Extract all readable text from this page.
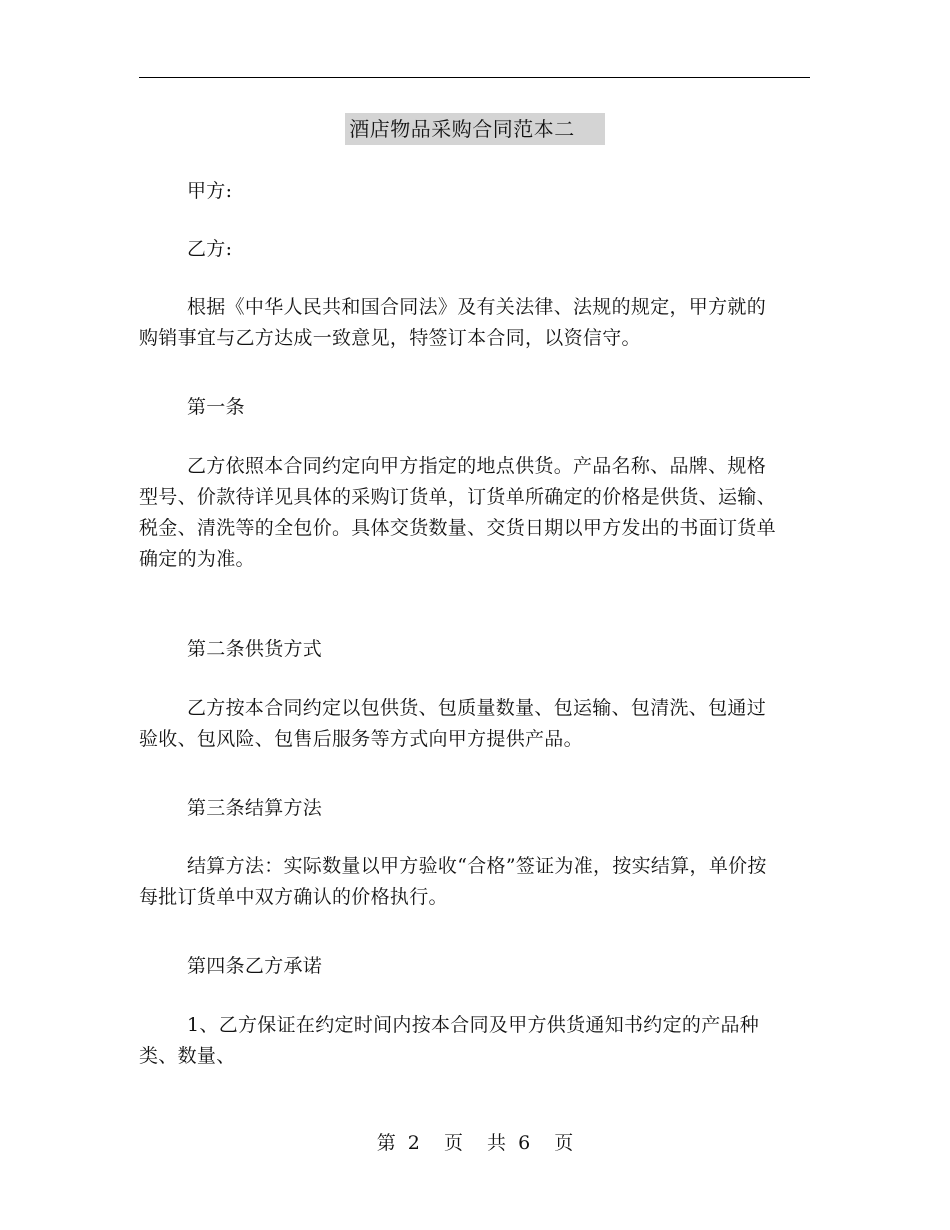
酒店物品采购合同范本二

甲方:

乙方:

根据《中华人民共和国合同法》及有关法律、法规的规定，甲方就的购销事宜与乙方达成一致意见，特签订本合同，以资信守。

第一条

乙方依照本合同约定向甲方指定的地点供货。产品名称、品牌、规格型号、价款待详见具体的采购订货单，订货单所确定的价格是供货、运输、税金、清洗等的全包价。具体交货数量、交货日期以甲方发出的书面订货单确定的为准。

第二条供货方式

乙方按本合同约定以包供货、包质量数量、包运输、包清洗、包通过验收、包风险、包售后服务等方式向甲方提供产品。

第三条结算方法

结算方法：实际数量以甲方验收“合格”签证为准，按实结算，单价按每批订货单中双方确认的价格执行。

第四条乙方承诺

1、乙方保证在约定时间内按本合同及甲方供货通知书约定的产品种类、数量、

第 2  页  共 6  页
